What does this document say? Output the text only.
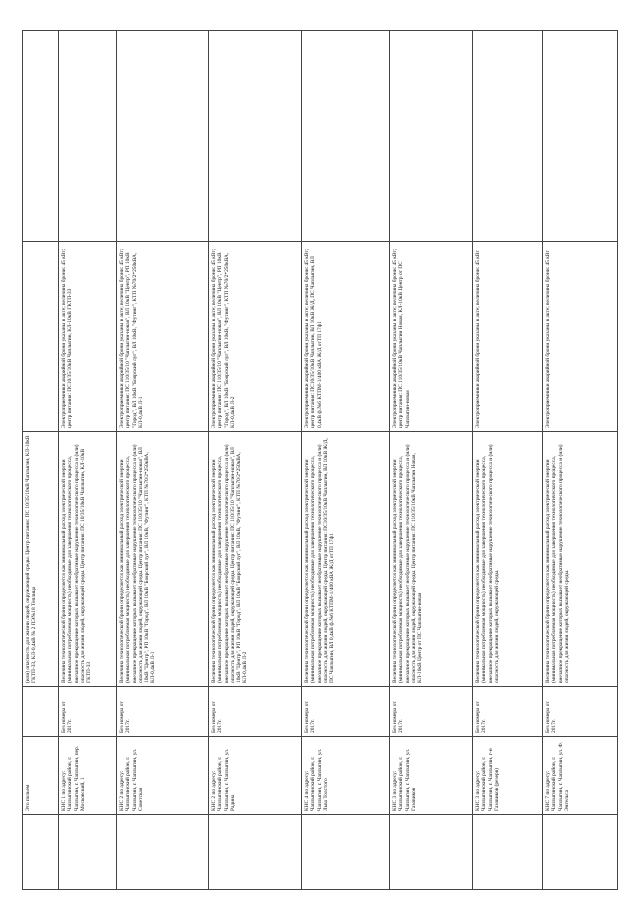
Это польем
(или) опасность для жизни людей, окружающей среды. Центр питания: ПС 10/35/10кВ Чаплыгин, КЛ-10кВ ГКТП-33, КЛ-0,4кВ № 2 ПЭ№18 Теплица
КНС 1 по адресу: Чаплыгинский район, г. Чаплыгин, г. Чаплыгин, пер. Московский, 1
Без номера от 2017г.
Величина технологической брони определяется как минимальный расход электрической энергии (минимальная потребляемая мощность) необходимые для завершения технологического процесса, внезапное прекращение которых вызывает необратимые нарушение технологического процесса и (или) опасность для жизни людей, окружающей среды. Центр питания: ПС 10/35/10кВ Чаплыгин, КЛ-10кВ ГКТП-33
Электроприемники аварийной брони указаны в акте; величина брони: 45 кВт; центр питания: ПС10/35/10кВ Чаплыгин, КЛ-10кВ ГКТП-33
КНС 2 по адресу: Чаплыгинский район, г. Чаплыгин, г. Чаплыгин, ул. Советская
Без номера от 2017г.
Величина технологической брони определяется как минимальный расход электрической энергии (минимальная потребляемая мощность) необходимые для завершения технологического процесса, внезапное прекращение которых вызывает необратимые нарушение технологического процесса и (или) опасность для жизни людей, окружающей среды. Центр питания: ПС 110/35/10 "Чаплыгин-новая", ВЛ 10кВ "Центр", РП 10кВ "Город", ВЛ 10кВ "Боярский луг", ВЛ 10кВ, "Футинг", КТП №70/2*250кВА, КЛ-0,4кВ Л-1
Электроприемники аварийной брони указаны в акте; величина брони: 45 кВт; центр питания: ПС 110/35/10 "Чаплыгин-новая", ВЛ 10кВ "Центр", РП 10кВ "Город", ВЛ 10кВ "Боярский луг", ВЛ 10кВ, "Футинг", КТП №70/2*250кВА, КЛ-0,4кВ Л-1
КНС 2 по адресу: Чаплыгинский район, г. Чаплыгин, г. Чаплыгин, ул. Радина
Без номера от 2017г.
Величина технологической брони определяется как минимальный расход электрической энергии (минимальная потребляемая мощность) необходимые для завершения технологического процесса, внезапное прекращение которых вызывает необратимые нарушение технологического процесса и (или) опасность для жизни людей, окружающей среды. Центр питания: ПС 110/35/10 "Чаплыгин-новая", ВЛ 10кВ "Центр", РП 10кВ "Город", ВЛ 10кВ "Боярский луг", ВЛ 10кВ, "Футинг", КТП №70/2*250кВА, КЛ-0,4кВ Л-2
Электроприемники аварийной брони указаны в акте; величина брони: 45 кВт; центр питания: ПС 110/35/10 "Чаплыгин-новая", ВЛ 10кВ "Центр", РП 10кВ "Город", ВЛ 10кВ "Боярский луг", ВЛ 10кВ, "Футинг", КТП №70/2*250кВА, КЛ-0,4кВ Л-2
КНС 4 по адресу: Чаплыгинский район, г. Чаплыгин, г. Чаплыгин, ул. Льва Толстого
Без номера от 2017г.
Величина технологической брони определяется как минимальный расход электрической энергии (минимальная потребляемая мощность) необходимые для завершения технологического процесса, внезапное прекращение которых вызывает необратимые нарушение технологического процесса и (или) опасность для жизни людей, окружающей среды. Центр питания: ПС10/35/10кВ Чаплыгин, ВЛ 10кВ Ж/Д, ПС Чаплыгин, ВЛ 0,4кВ ф.№6 КТПМ-1/400 кВА Ж/Д отТП 17ф1
Электроприемники аварийной брони указаны в акте; величина брони: 45 кВт; центр питания: ПС10/35/10кВ Чаплыгин, ВЛ 10кВ Ж/Д, ПС Чаплыгин, ВЛ 0,4кВ ф.№6 КТПМ-1/400 кВА Ж/Д отТП 17ф1
КНС 3 по адресу: Чаплыгинский район, г. Чаплыгин, г. Чаплыгин, ул. Газовиков
Без номера от 2017г.
Величина технологической брони определяется как минимальный расход электрической энергии (минимальная потребляемая мощность) необходимые для завершения технологического процесса, внезапное прекращение которых вызывает необратимые нарушение технологического процесса и (или) опасность для жизни людей, окружающей среды. Центр питания: ПС 110/35/10кВ Чаплыгин Новая, КЛ-10кВ Центр от ПС Чаплыгин-новая
Электроприемники аварийной брони указаны в акте; величина брони: 45 кВт; центр питания: ПС 110/35/10кВ Чаплыгин Новая, КЛ-10кВ Центр от ПС Чаплыгин-новая
КНС 3 по адресу: Чаплыгинский район, г. Чаплыгин, г. Чаплыгин, г-н Газовиков (резерв)
Без номера от 2017г.
Величина технологической брони определяется как минимальный расход электрической энергии (минимальная потребляемая мощность) необходимые для завершения технологического процесса, внезапное прекращение которых вызывает необратимые нарушение технологического процесса и (или) опасность для жизни людей, окружающей среды.
Электроприемники аварийной брони указаны в акте; величина брони: 45 кВт
КНС 7 по адресу: Чаплыгинский район, г. Чаплыгин, г. Чаплыгин, ул. Ф. Энгельса
Без номера от 2017г.
Величина технологической брони определяется как минимальный расход электрической энергии (минимальная потребляемая мощность) необходимые для завершения технологического процесса, внезапное прекращение которых вызывает необратимые нарушение технологического процесса и (или) опасность для жизни людей, окружающей среды.
Электроприемники аварийной брони указаны в акте; величина брони: 45 кВт
